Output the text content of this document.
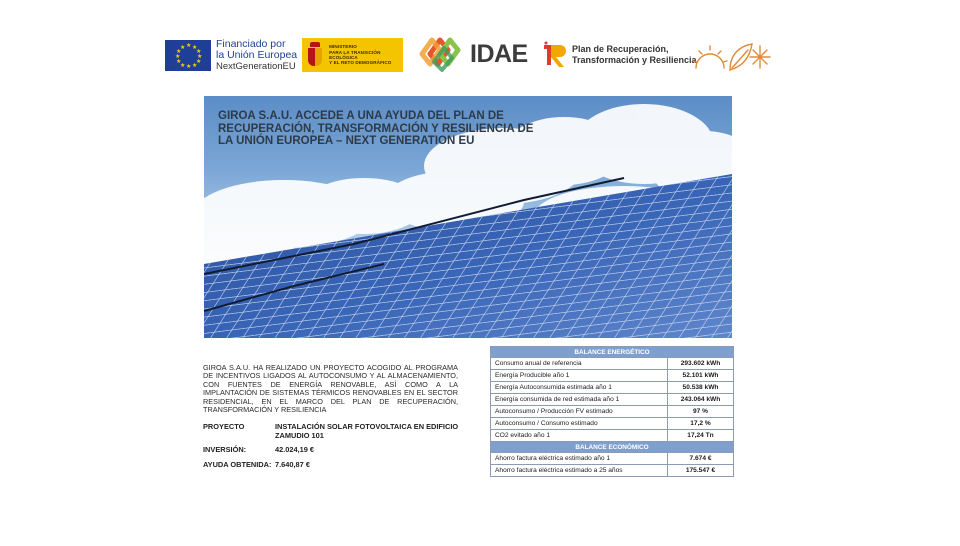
★ ★
★
★
★
★
★
★
★
★
★
★	Financiado por
la Unión Europea
NextGenerationEU
MINISTERIO
PARA LA TRANSICIÓN ECOLÓGICA
Y EL RETO DEMOGRÁFICO	IDAE	Plan de Recuperación,
Transformación y Resiliencia
GIROA S.A.U. ACCEDE A UNA AYUDA DEL PLAN DE RECUPERACIÓN, TRANSFORMACIÓN Y RESILIENCIA DE LA UNIÓN EUROPEA – NEXT GENERATION EU
GIROA S.A.U. HA REALIZADO UN PROYECTO ACOGIDO AL PROGRAMA DE INCENTIVOS LIGADOS AL AUTOCONSUMO Y AL ALMACENAMIENTO, CON FUENTES DE ENERGÍA RENOVABLE, ASÍ COMO A LA IMPLANTACIÓN DE SISTEMAS TÉRMICOS RENOVABLES EN EL SECTOR RESIDENCIAL, EN EL MARCO DEL PLAN DE RECUPERACIÓN, TRANSFORMACIÓN Y RESILIENCIA
PROYECTO	INSTALACIÓN SOLAR FOTOVOLTAICA EN EDIFICIO ZAMUDIO 101
INVERSIÓN:	42.024,19 €
AYUDA OBTENIDA: 7.640,87 €
BALANCE ENERGÉTICO	
Consumo anual de referencia	293.602 kWh
Energía Producible año 1	52.101 kWh
Energía Autoconsumida estimada año 1	50.538 kWh
Energía consumida de red estimada año 1	243.064 kWh
Autoconsumo / Producción FV estimado	97 %
Autoconsumo / Consumo estimado	17,2 %
CO2 evitado año 1	17,24 Tn
BALANCE ECONÓMICO	
Ahorro factura eléctrica estimado año 1	7.674 €
Ahorro factura eléctrica estimado a 25 años	175.547 €
